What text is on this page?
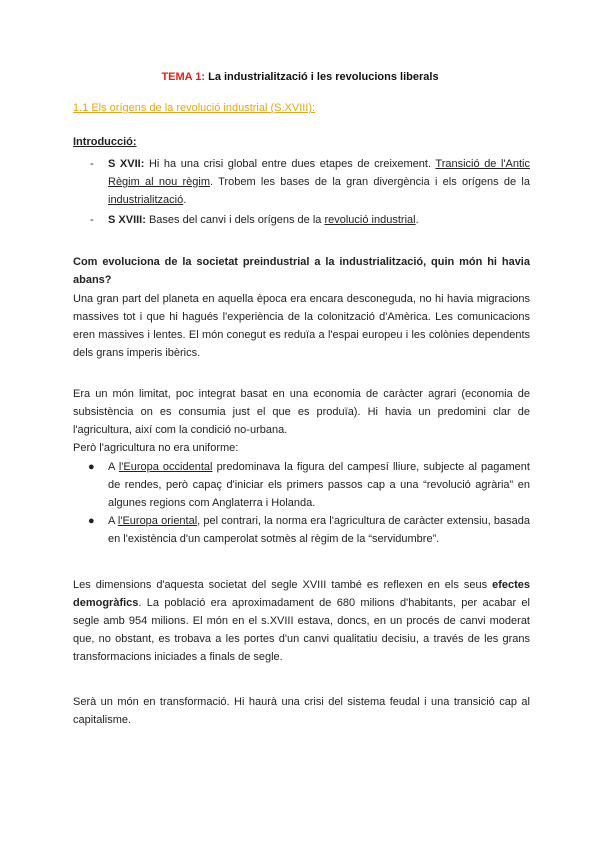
TEMA 1: La industrialització i les revolucions liberals
1.1 Els orígens de la revolució industrial (S.XVIII):
Introducció:
- S XVII: Hi ha una crisi global entre dues etapes de creixement. Transició de l'Antic Règim al nou règim. Trobem les bases de la gran divergència i els orígens de la industrialització.
- S XVIII: Bases del canvi i dels orígens de la revolució industrial.
Com evoluciona de la societat preindustrial a la industrialització, quin món hi havia abans?
Una gran part del planeta en aquella època era encara desconeguda, no hi havia migracions massives tot i que hi hagués l'experiència de la colonització d'Amèrica. Les comunicacions eren massives i lentes. El món conegut es reduïa a l'espai europeu i les colònies dependents dels grans imperis ibèrics.
Era un món limitat, poc integrat basat en una economia de caràcter agrari (economia de subsistència on es consumia just el que es produïa). Hi havia un predomini clar de l'agricultura, així com la condició no-urbana.
Però l'agricultura no era uniforme:
● A l'Europa occidental predominava la figura del campesí lliure, subjecte al pagament de rendes, però capaç d'iniciar els primers passos cap a una “revolució agrària” en algunes regions com Anglaterra i Holanda.
● A l'Europa oriental, pel contrari, la norma era l'agricultura de caràcter extensiu, basada en l'existència d'un camperolat sotmès al règim de la “servidumbre”.
Les dimensions d'aquesta societat del segle XVIII també es reflexen en els seus efectes demogràfics. La població era aproximadament de 680 milions d'habitants, per acabar el segle amb 954 milions. El món en el s.XVIII estava, doncs, en un procés de canvi moderat que, no obstant, es trobava a les portes d'un canvi qualitatiu decisiu, a través de les grans transformacions iniciades a finals de segle.
Serà un món en transformació. Hi haurà una crisi del sistema feudal i una transició cap al capitalisme.
